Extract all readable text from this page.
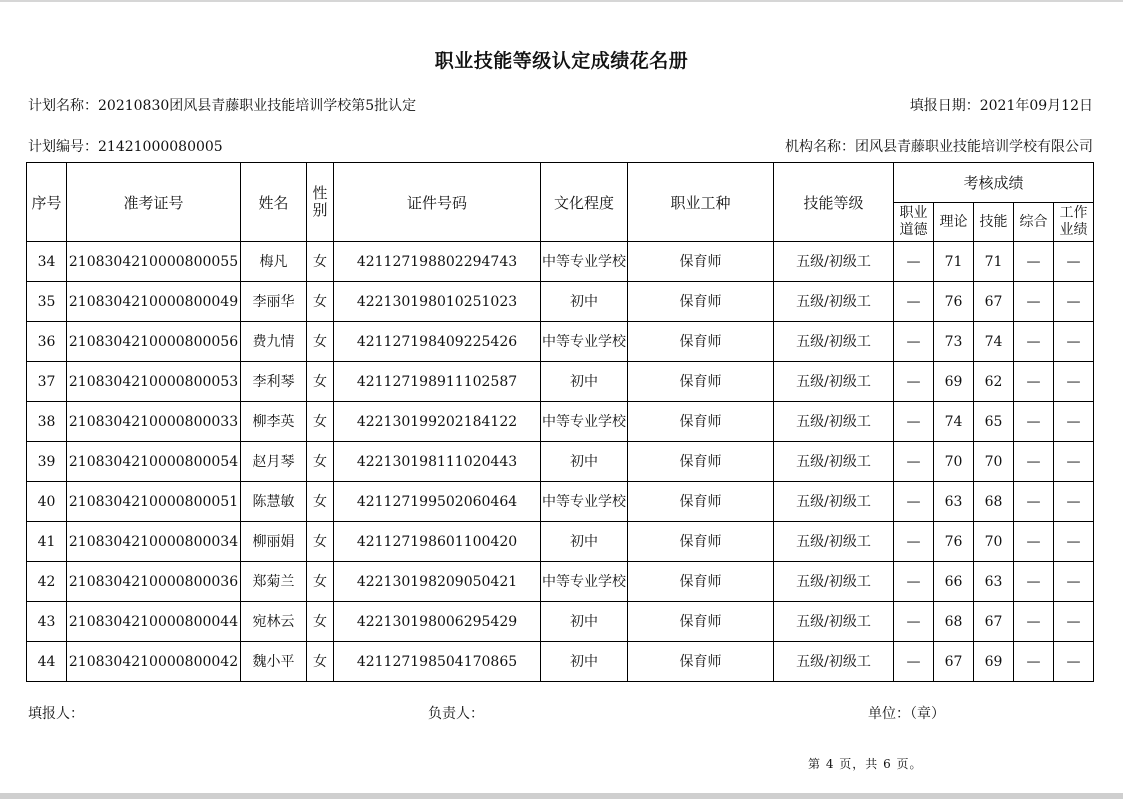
职业技能等级认定成绩花名册
计划名称：20210830团风县青藤职业技能培训学校第5批认定	填报日期：2021年09月12日
计划编号：21421000080005	机构名称：团风县青藤职业技能培训学校有限公司
序号	准考证号	姓名	性别	证件号码	文化程度	职业工种	技能等级	考核成绩				
								职业道德	理论	技能	综合	工作业绩
34	2108304210000800055	梅凡	女	421127198802294743	中等专业学校	保育师	五级/初级工	—	71	71	—	—
35	2108304210000800049	李丽华	女	422130198010251023	初中	保育师	五级/初级工	—	76	67	—	—
36	2108304210000800056	费九情	女	421127198409225426	中等专业学校	保育师	五级/初级工	—	73	74	—	—
37	2108304210000800053	李利琴	女	421127198911102587	初中	保育师	五级/初级工	—	69	62	—	—
38	2108304210000800033	柳李英	女	422130199202184122	中等专业学校	保育师	五级/初级工	—	74	65	—	—
39	2108304210000800054	赵月琴	女	422130198111020443	初中	保育师	五级/初级工	—	70	70	—	—
40	2108304210000800051	陈慧敏	女	421127199502060464	中等专业学校	保育师	五级/初级工	—	63	68	—	—
41	2108304210000800034	柳丽娟	女	421127198601100420	初中	保育师	五级/初级工	—	76	70	—	—
42	2108304210000800036	郑菊兰	女	422130198209050421	中等专业学校	保育师	五级/初级工	—	66	63	—	—
43	2108304210000800044	宛林云	女	422130198006295429	初中	保育师	五级/初级工	—	68	67	—	—
44	2108304210000800042	魏小平	女	421127198504170865	初中	保育师	五级/初级工	—	67	69	—	—
填报人：	负责人：	单位：（章）
第 4 页，共 6 页。
